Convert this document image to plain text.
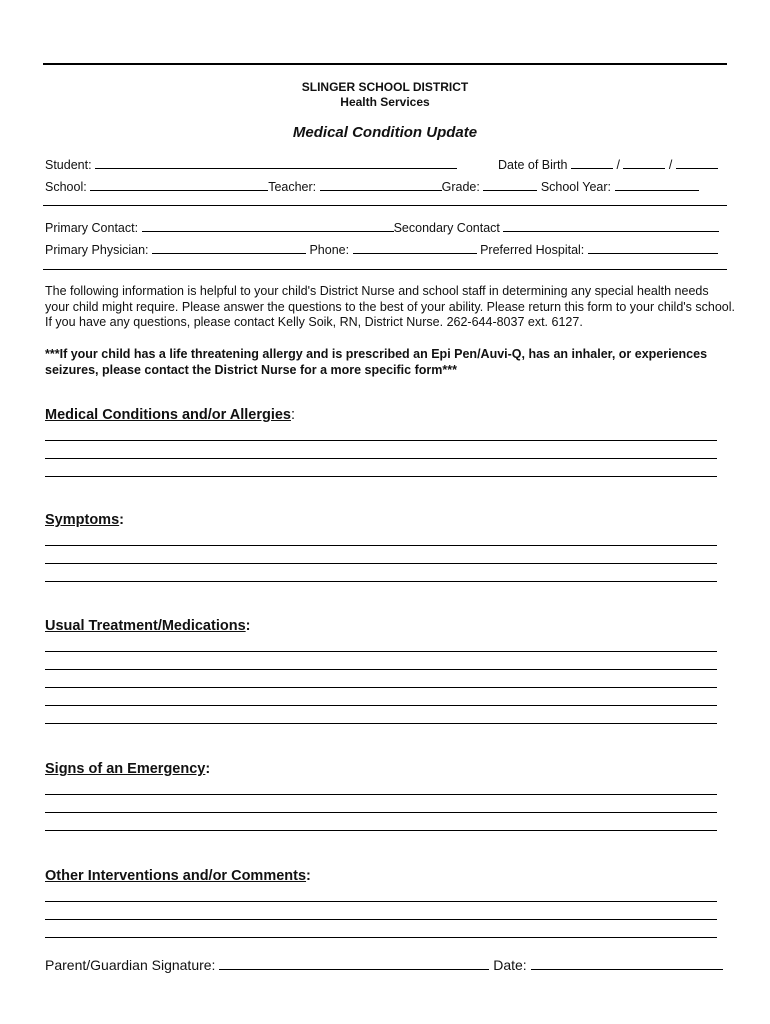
SLINGER SCHOOL DISTRICT
Health Services
Medical Condition Update
Student:	Date of Birth	/	/
School:	Teacher:	Grade:	School Year:
Primary Contact:	Secondary Contact
Primary Physician:	Phone:	Preferred Hospital:
The following information is helpful to your child's District Nurse and school staff in determining any special health needs your child might require. Please answer the questions to the best of your ability. Please return this form to your child's school. If you have any questions, please contact Kelly Soik, RN, District Nurse. 262-644-8037 ext. 6127.
***If your child has a life threatening allergy and is prescribed an Epi Pen/Auvi-Q, has an inhaler, or experiences seizures, please contact the District Nurse for a more specific form***
Medical Conditions and/or Allergies:
Symptoms:
Usual Treatment/Medications:
Signs of an Emergency:
Other Interventions and/or Comments:
Parent/Guardian Signature:	Date:
